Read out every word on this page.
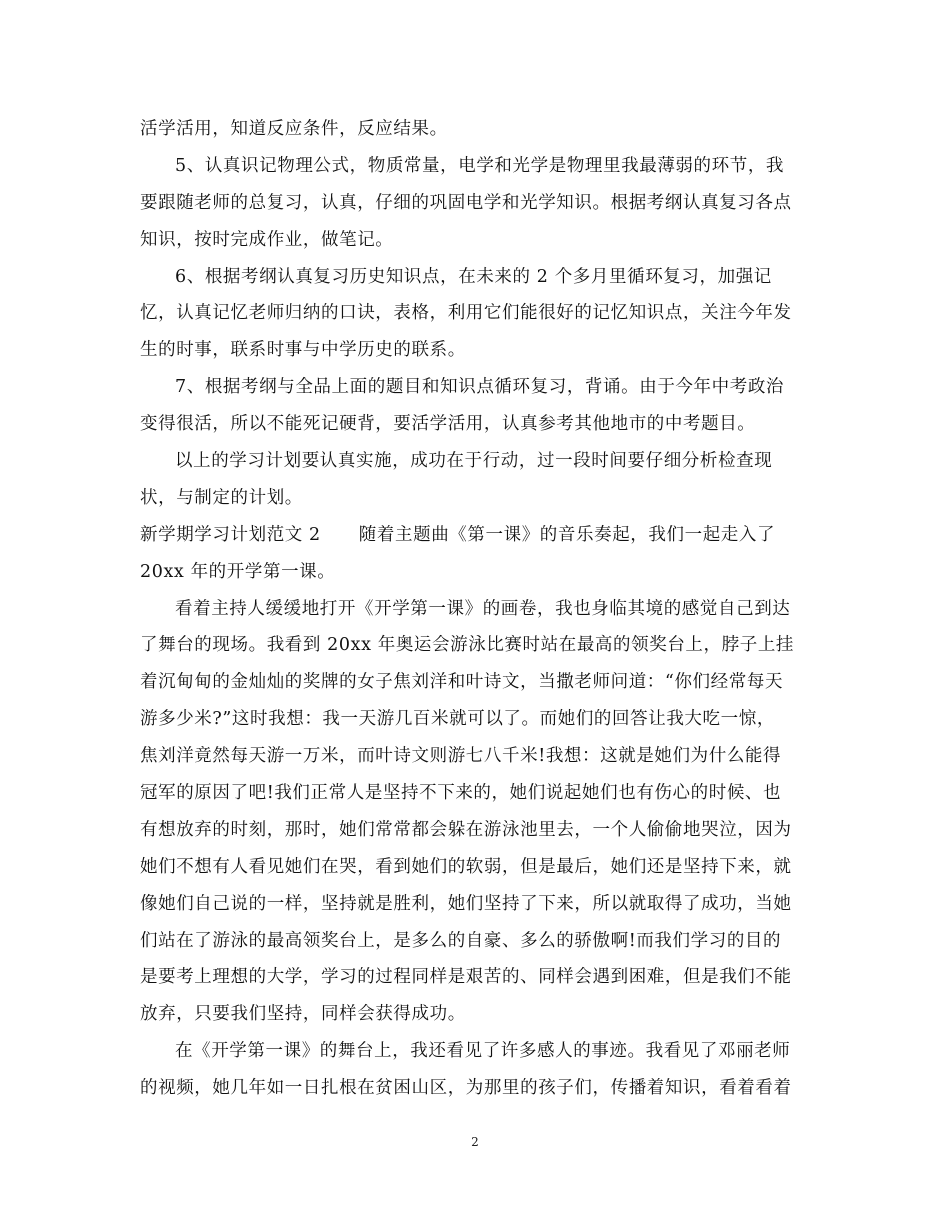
活学活用，知道反应条件，反应结果。
5、认真识记物理公式，物质常量，电学和光学是物理里我最薄弱的环节，我
要跟随老师的总复习，认真，仔细的巩固电学和光学知识。根据考纲认真复习各点
知识，按时完成作业，做笔记。
6、根据考纲认真复习历史知识点，在未来的 2 个多月里循环复习，加强记
忆，认真记忆老师归纳的口诀，表格，利用它们能很好的记忆知识点，关注今年发
生的时事，联系时事与中学历史的联系。
7、根据考纲与全品上面的题目和知识点循环复习，背诵。由于今年中考政治
变得很活，所以不能死记硬背，要活学活用，认真参考其他地市的中考题目。
以上的学习计划要认真实施，成功在于行动，过一段时间要仔细分析检查现
状，与制定的计划。
新学期学习计划范文 2 随着主题曲《第一课》的音乐奏起，我们一起走入了
20xx 年的开学第一课。
看着主持人缓缓地打开《开学第一课》的画卷，我也身临其境的感觉自己到达
了舞台的现场。我看到 20xx 年奥运会游泳比赛时站在最高的领奖台上，脖子上挂
着沉甸甸的金灿灿的奖牌的女子焦刘洋和叶诗文，当撒老师问道：“你们经常每天
游多少米?”这时我想：我一天游几百米就可以了。而她们的回答让我大吃一惊，
焦刘洋竟然每天游一万米，而叶诗文则游七八千米!我想：这就是她们为什么能得
冠军的原因了吧!我们正常人是坚持不下来的，她们说起她们也有伤心的时候、也
有想放弃的时刻，那时，她们常常都会躲在游泳池里去，一个人偷偷地哭泣，因为
她们不想有人看见她们在哭，看到她们的软弱，但是最后，她们还是坚持下来，就
像她们自己说的一样，坚持就是胜利，她们坚持了下来，所以就取得了成功，当她
们站在了游泳的最高领奖台上，是多么的自豪、多么的骄傲啊!而我们学习的目的
是要考上理想的大学，学习的过程同样是艰苦的、同样会遇到困难，但是我们不能
放弃，只要我们坚持，同样会获得成功。
在《开学第一课》的舞台上，我还看见了许多感人的事迹。我看见了邓丽老师
的视频，她几年如一日扎根在贫困山区，为那里的孩子们，传播着知识，看着看着
2
